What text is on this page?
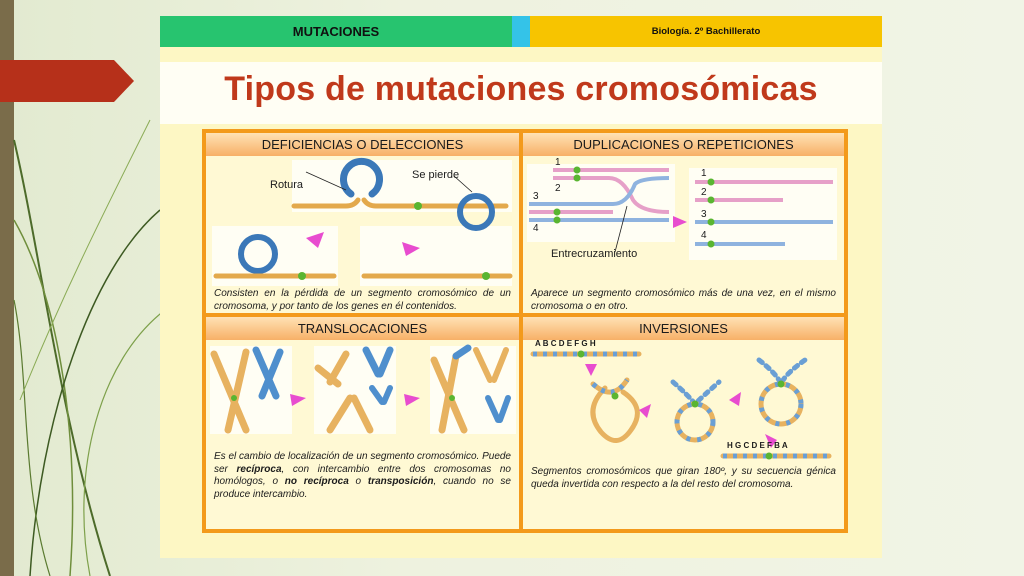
MUTACIONES	Biología. 2º Bachillerato
Tipos de mutaciones cromosómicas
DEFICIENCIAS O DELECCIONES
Rotura
Se pierde
Consisten en la pérdida de un segmento cromosómico de un cromosoma, y por tanto de los genes en él contenidos.
DUPLICACIONES O REPETICIONES
1
2
3
4
1
2
3
4
Entrecruzamiento
Aparece un segmento cromosómico más de una vez, en el mismo cromosoma o en otro.
TRANSLOCACIONES
Es el cambio de localización de un segmento cromosómico. Puede ser recíproca, con intercambio entre dos cromosomas no homólogos, o no recíproca o transposición, cuando no se produce intercambio.
INVERSIONES
A B C D E F G H
H G C D E F B A
Segmentos cromosómicos que giran 180º, y su secuencia génica queda invertida con respecto a la del resto del cromosoma.
